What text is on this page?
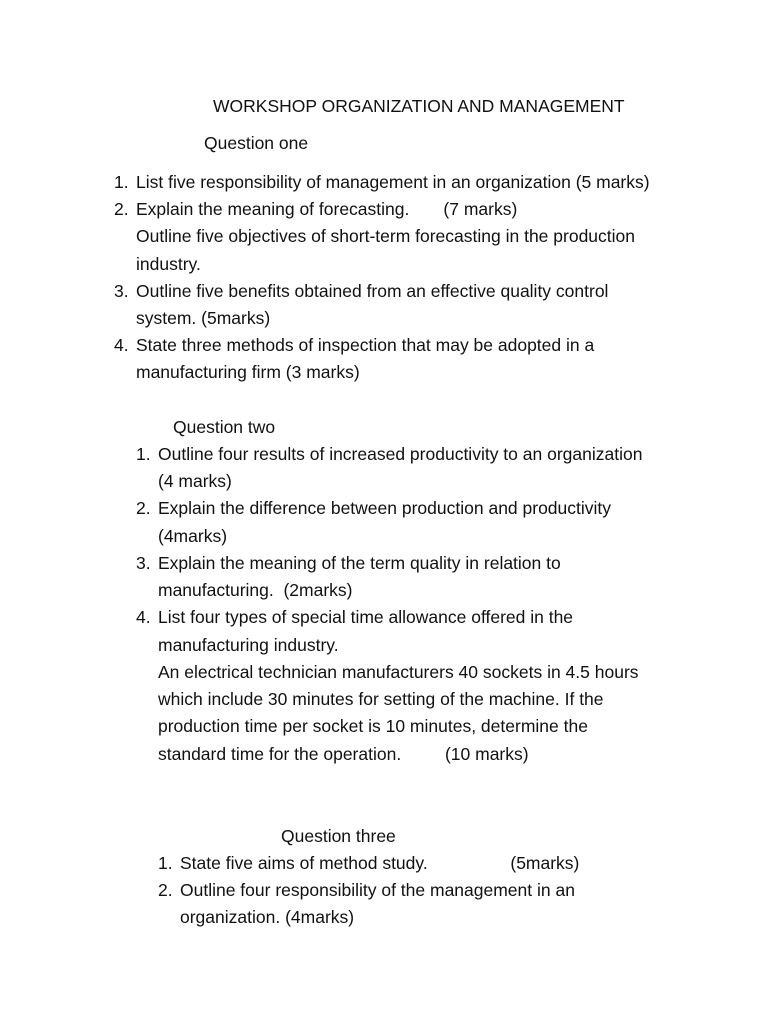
WORKSHOP ORGANIZATION AND MANAGEMENT
Question one
1. List five responsibility of management in an organization (5 marks)
2. Explain the meaning of forecasting.       (7 marks)
Outline five objectives of short-term forecasting in the production
industry.
3. Outline five benefits obtained from an effective quality control
system. (5marks)
4. State three methods of inspection that may be adopted in a
manufacturing firm (3 marks)
Question two
1. Outline four results of increased productivity to an organization
(4 marks)
2. Explain the difference between production and productivity
(4marks)
3. Explain the meaning of the term quality in relation to
manufacturing.  (2marks)
4. List four types of special time allowance offered in the
manufacturing industry.
An electrical technician manufacturers 40 sockets in 4.5 hours
which include 30 minutes for setting of the machine. If the
production time per socket is 10 minutes, determine the
standard time for the operation.         (10 marks)
Question three
1. State five aims of method study.                 (5marks)
2. Outline four responsibility of the management in an
organization. (4marks)
